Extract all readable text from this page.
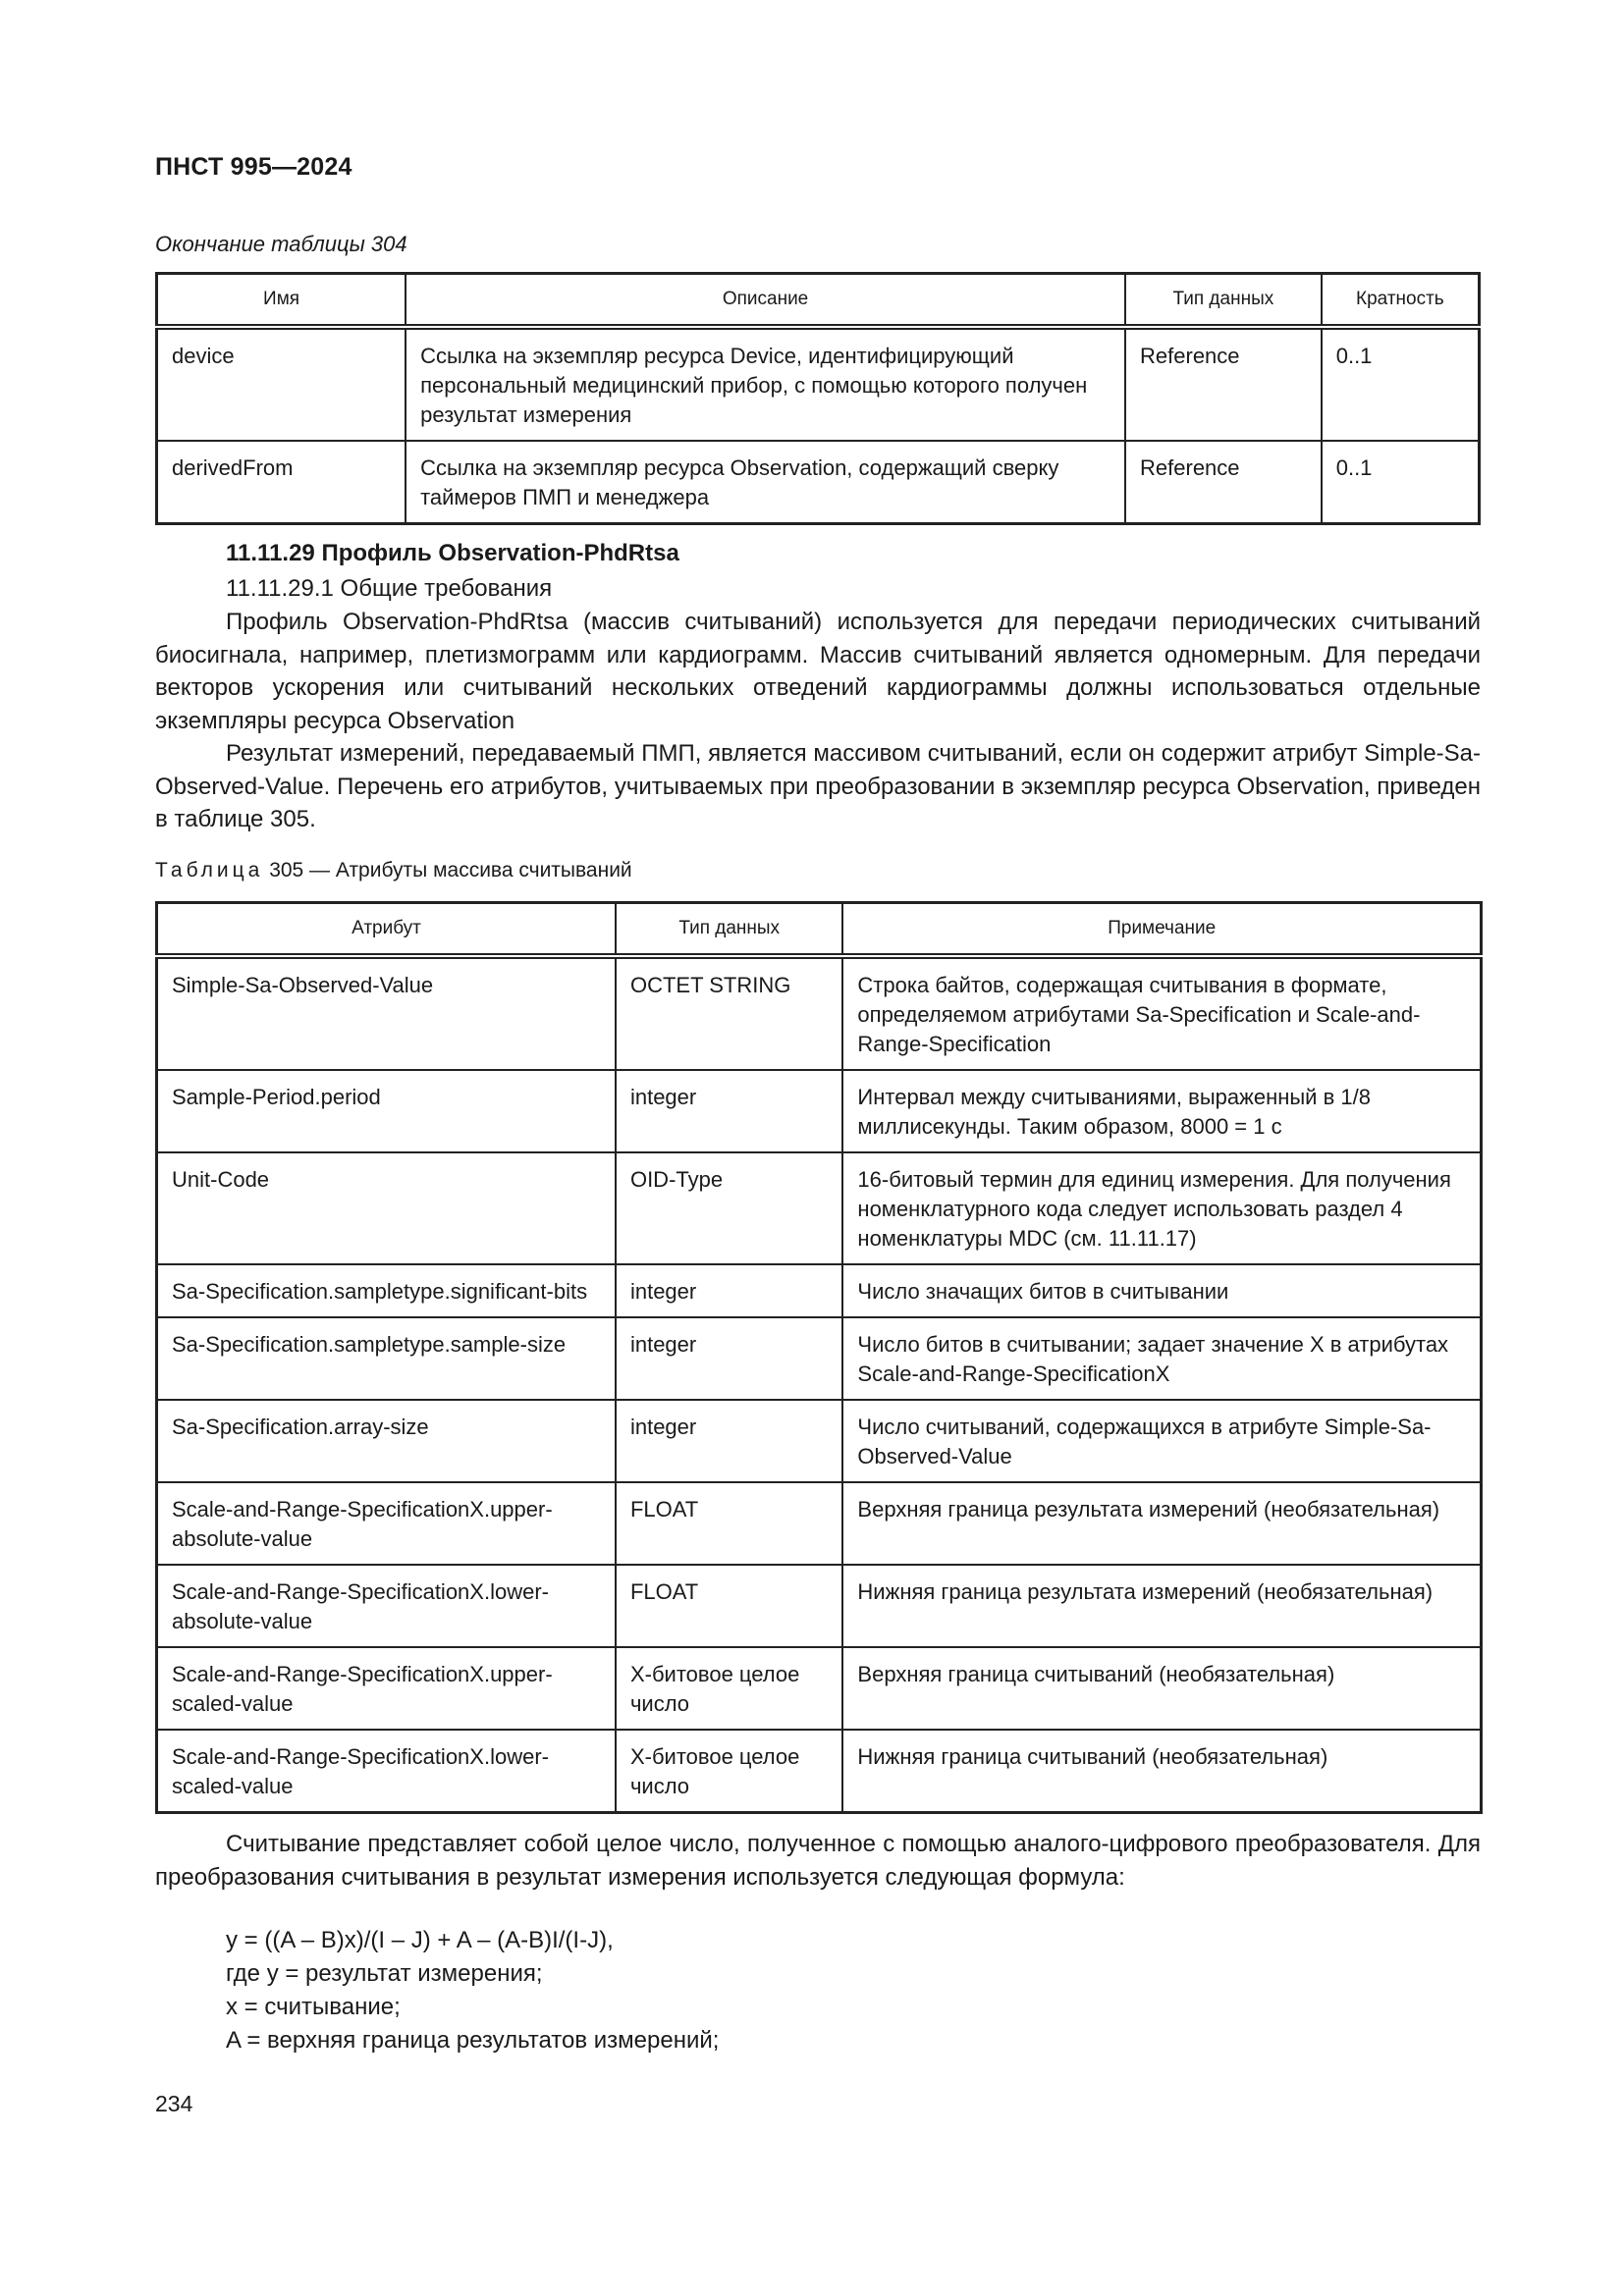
ПНСТ 995—2024
Окончание таблицы 304
Имя	Описание	Тип данных	Кратность
device	Ссылка на экземпляр ресурса Device, идентифицирующий персональный медицинский прибор, с помощью которого получен результат измерения	Reference	0..1
derivedFrom	Ссылка на экземпляр ресурса Observation, содержащий сверку таймеров ПМП и менеджера	Reference	0..1
11.11.29 Профиль Observation-PhdRtsa
11.11.29.1 Общие требования
Профиль Observation-PhdRtsa (массив считываний) используется для передачи периодических считываний биосигнала, например, плетизмограмм или кардиограмм. Массив считываний является одномерным. Для передачи векторов ускорения или считываний нескольких отведений кардиограммы должны использоваться отдельные экземпляры ресурса Observation
Результат измерений, передаваемый ПМП, является массивом считываний, если он содержит атрибут Simple-Sa-Observed-Value. Перечень его атрибутов, учитываемых при преобразовании в экземпляр ресурса Observation, приведен в таблице 305.
Таблица 305 — Атрибуты массива считываний
Атрибут	Тип данных	Примечание
Simple-Sa-Observed-Value	OCTET STRING	Строка байтов, содержащая считывания в формате, определяемом атрибутами Sa-Specification и Scale-and-Range-Specification
Sample-Period.period	integer	Интервал между считываниями, выраженный в 1/8 миллисекунды. Таким образом, 8000 = 1 с
Unit-Code	OID-Type	16-битовый термин для единиц измерения. Для получения номенклатурного кода следует использовать раздел 4 номенклатуры MDC (см. 11.11.17)
Sa-Specification.sampletype.significant-bits	integer	Число значащих битов в считывании
Sa-Specification.sampletype.sample-size	integer	Число битов в считывании; задает значение X в атрибутах Scale-and-Range-SpecificationX
Sa-Specification.array-size	integer	Число считываний, содержащихся в атрибуте Simple-Sa-Observed-Value
Scale-and-Range-SpecificationX.upper-absolute-value	FLOAT	Верхняя граница результата измерений (необязательная)
Scale-and-Range-SpecificationX.lower-absolute-value	FLOAT	Нижняя граница результата измерений (необязательная)
Scale-and-Range-SpecificationX.upper-scaled-value	X-битовое целое число	Верхняя граница считываний (необязательная)
Scale-and-Range-SpecificationX.lower-scaled-value	X-битовое целое число	Нижняя граница считываний (необязательная)
Считывание представляет собой целое число, полученное с помощью аналого-цифрового преобразователя. Для преобразования считывания в результат измерения используется следующая формула:
y = ((A – B)x)/(I – J) + A – (A-B)I/(I-J),
где y = результат измерения;
x = считывание;
A = верхняя граница результатов измерений;
234
